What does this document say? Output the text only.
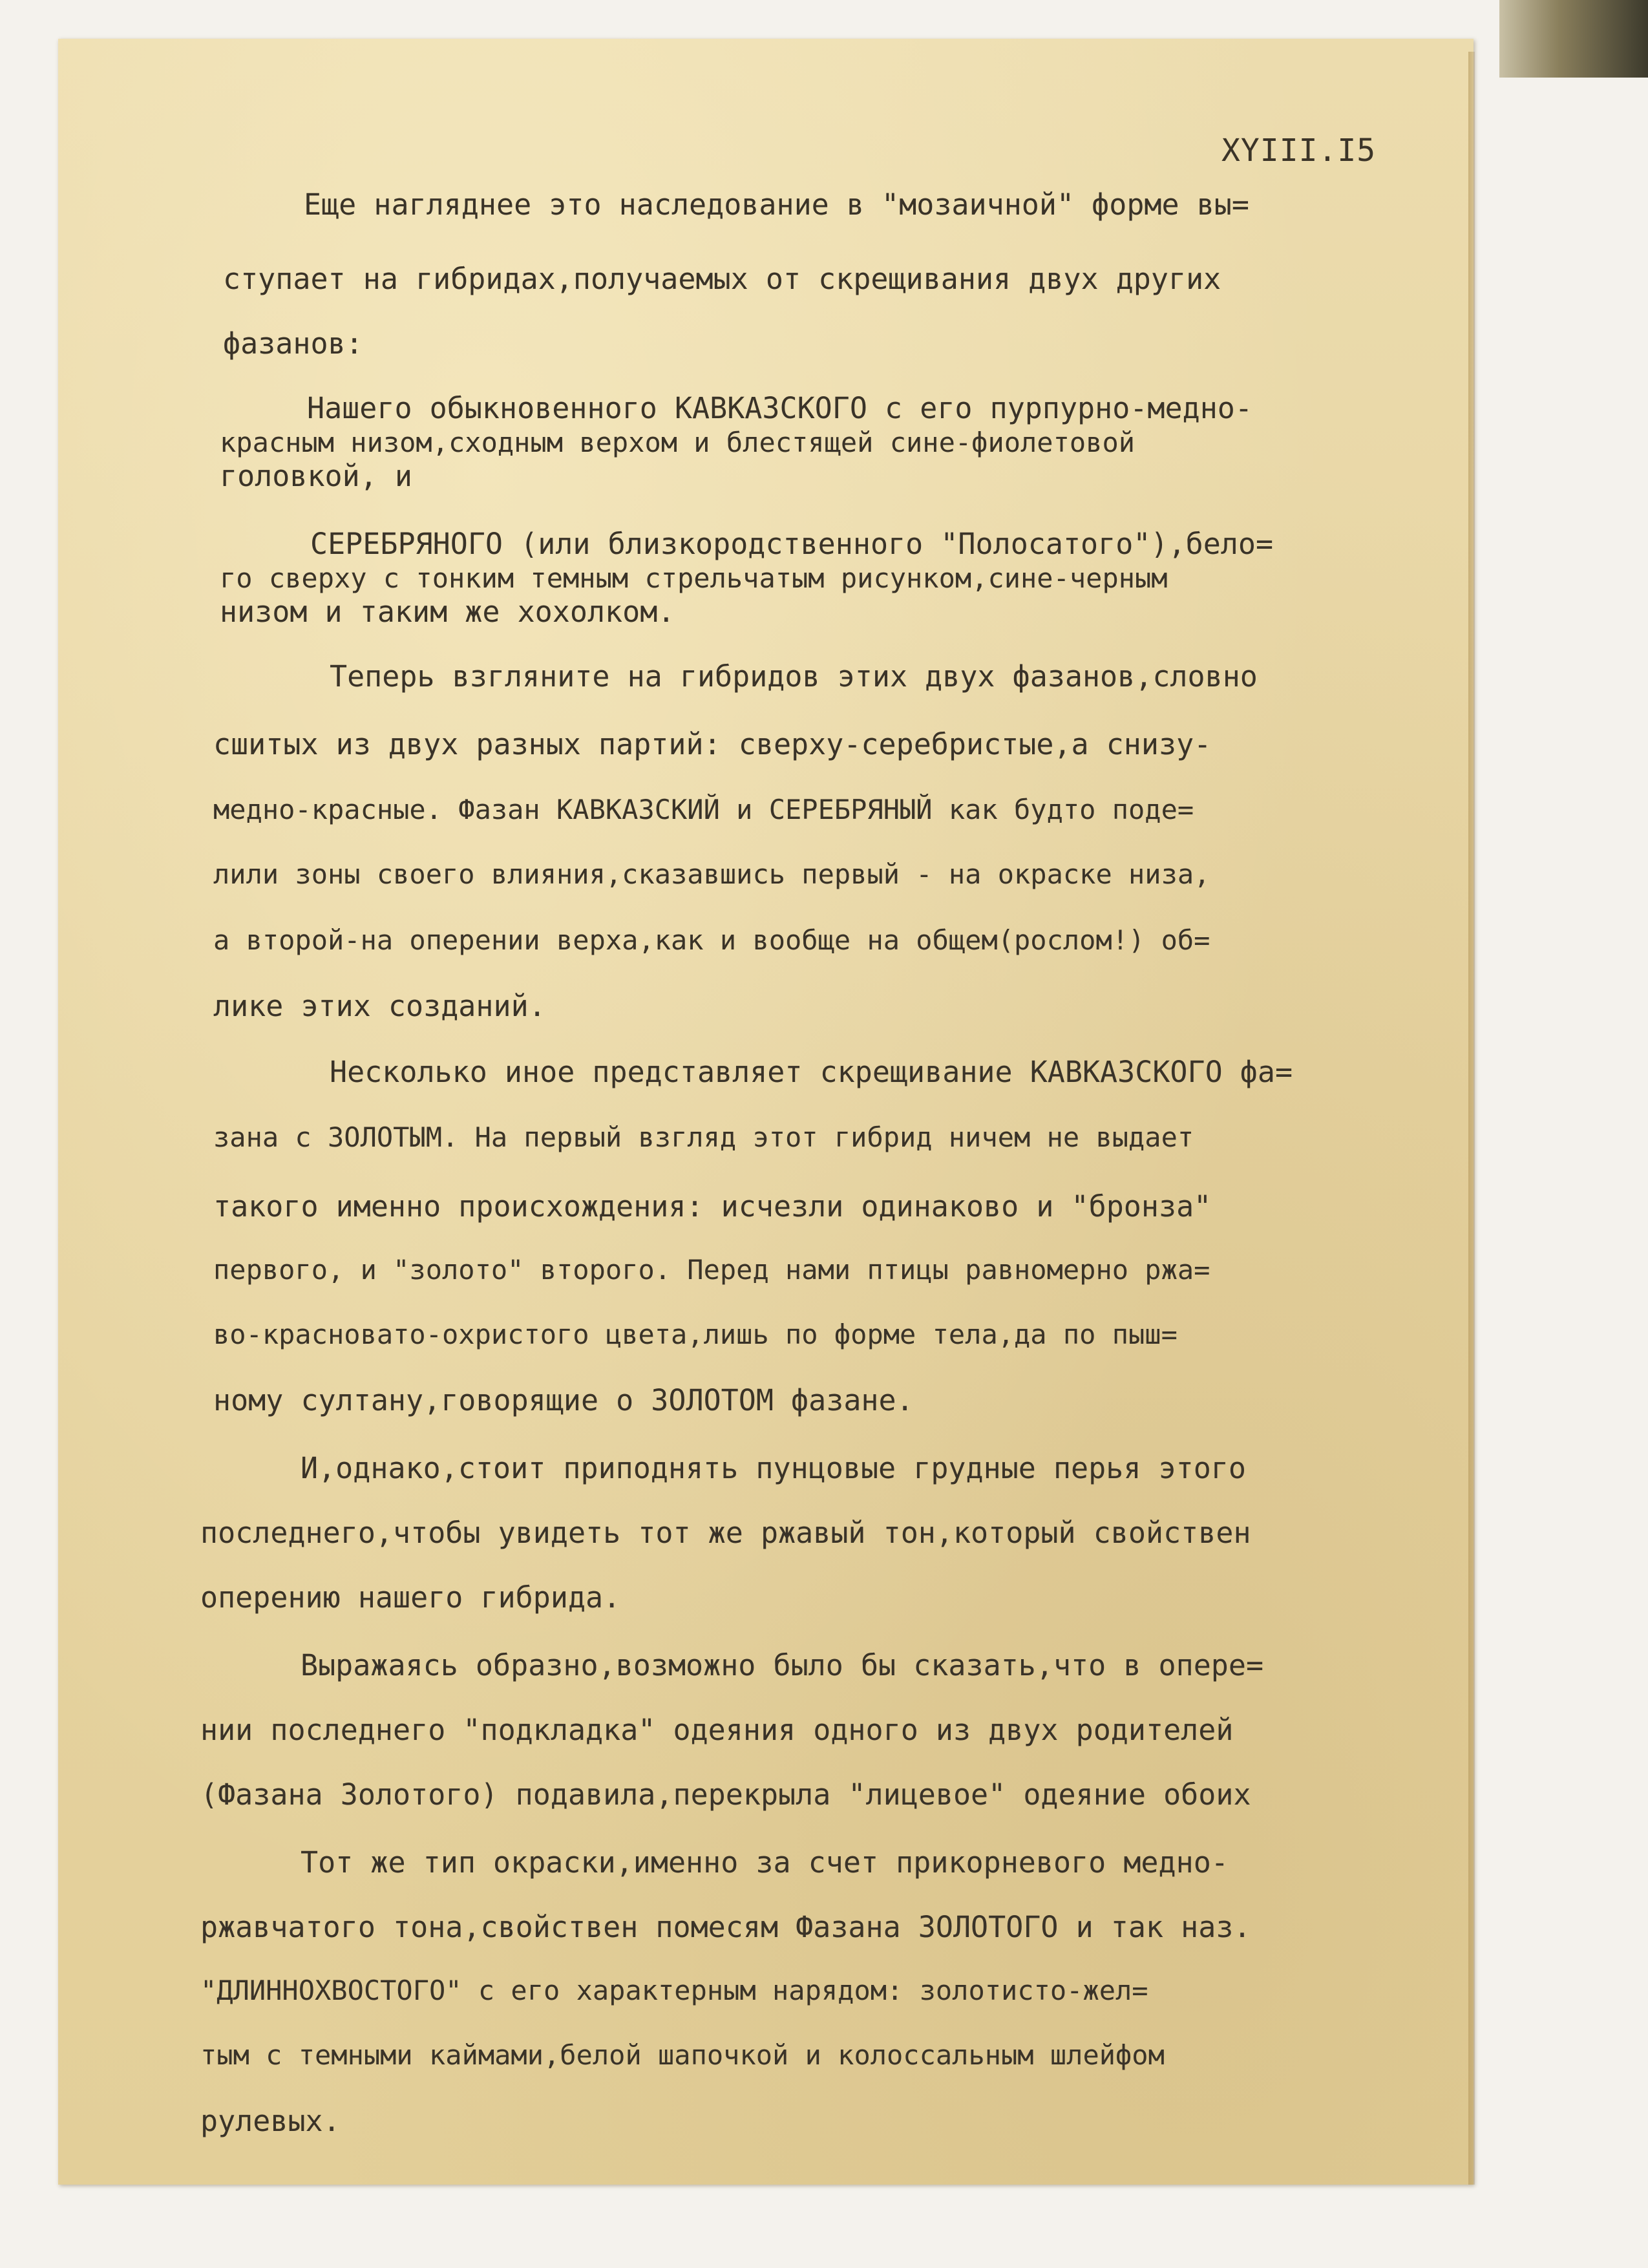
XYIII.I5
Еще нагляднее это наследование в "мозаичной" форме вы=
ступает на гибридах,получаемых от скрещивания двух других
фазанов:
Нашего обыкновенного КАВКАЗСКОГО с его пурпурно-медно-
красным низом,сходным верхом и блестящей сине-фиолетовой
головкой, и
СЕРЕБРЯНОГО (или близкородственного "Полосатого"),бело=
го сверху с тонким темным стрельчатым рисунком,сине-черным
низом и таким же хохолком.
Теперь взгляните на гибридов этих двух фазанов,словно
сшитых из двух разных партий: сверху-серебристые,а снизу-
медно-красные. Фазан КАВКАЗСКИЙ и СЕРЕБРЯНЫЙ как будто поде=
лили зоны своего влияния,сказавшись первый - на окраске низа,
а второй-на оперении верха,как и вообще на общем(рослом!) об=
лике этих созданий.
Несколько иное представляет скрещивание КАВКАЗСКОГО фа=
зана с ЗОЛОТЫМ. На первый взгляд этот гибрид ничем не выдает
такого именно происхождения: исчезли одинаково и "бронза"
первого, и "золото" второго. Перед нами птицы равномерно ржа=
во-красновато-охристого цвета,лишь по форме тела,да по пыш=
ному султану,говорящие о ЗОЛОТОМ фазане.
И,однако,стоит приподнять пунцовые грудные перья этого
последнего,чтобы увидеть тот же ржавый тон,который свойствен
оперению нашего гибрида.
Выражаясь образно,возможно было бы сказать,что в опере=
нии последнего "подкладка" одеяния одного из двух родителей
(Фазана Золотого) подавила,перекрыла "лицевое" одеяние обоих
Тот же тип окраски,именно за счет прикорневого медно-
ржавчатого тона,свойствен помесям Фазана ЗОЛОТОГО и так наз.
"ДЛИННОХВОСТОГО" с его характерным нарядом: золотисто-жел=
тым с темными каймами,белой шапочкой и колоссальным шлейфом
рулевых.
